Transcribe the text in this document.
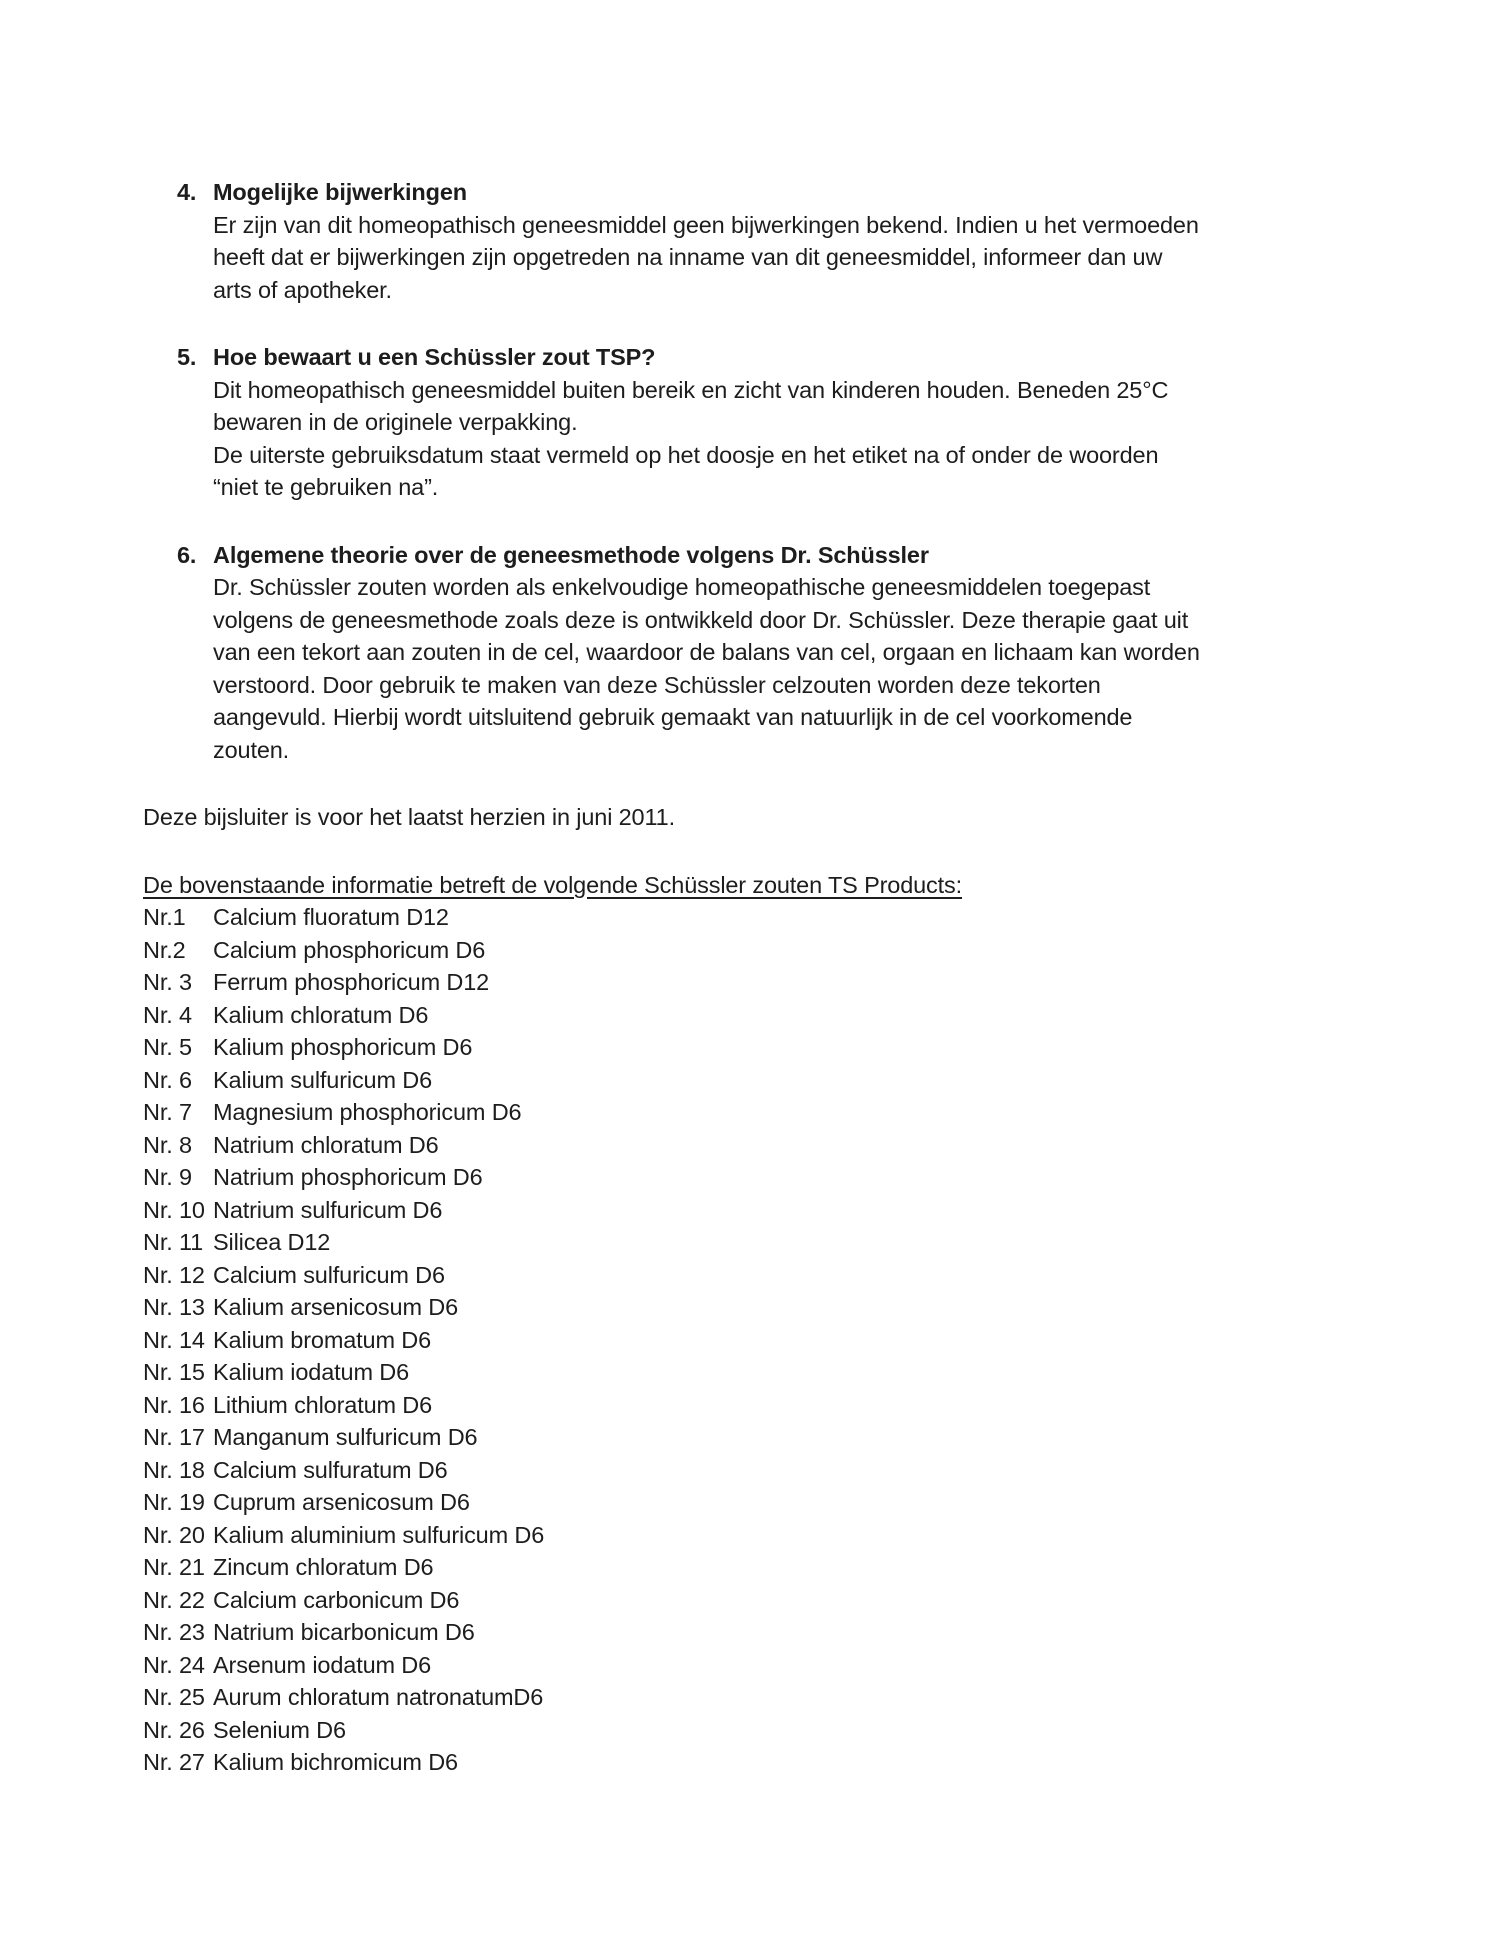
4. Mogelijke bijwerkingen
Er zijn van dit homeopathisch geneesmiddel geen bijwerkingen bekend. Indien u het vermoeden
heeft dat er bijwerkingen zijn opgetreden na inname van dit geneesmiddel, informeer dan uw
arts of apotheker.
5. Hoe bewaart u een Schüssler zout TSP?
Dit homeopathisch geneesmiddel buiten bereik en zicht van kinderen houden. Beneden 25°C
bewaren in de originele verpakking.
De uiterste gebruiksdatum staat vermeld op het doosje en het etiket na of onder de woorden
“niet te gebruiken na”.
6. Algemene theorie over de geneesmethode volgens Dr. Schüssler
Dr. Schüssler zouten worden als enkelvoudige homeopathische geneesmiddelen toegepast
volgens de geneesmethode zoals deze is ontwikkeld door Dr. Schüssler. Deze therapie gaat uit
van een tekort aan zouten in de cel, waardoor de balans van cel, orgaan en lichaam kan worden
verstoord. Door gebruik te maken van deze Schüssler celzouten worden deze tekorten
aangevuld. Hierbij wordt uitsluitend gebruik gemaakt van natuurlijk in de cel voorkomende
zouten.
Deze bijsluiter is voor het laatst herzien in juni 2011.
De bovenstaande informatie betreft de volgende Schüssler zouten TS Products:
Nr.1	Calcium fluoratum D12
Nr.2	Calcium phosphoricum D6
Nr. 3 Ferrum phosphoricum D12
Nr. 4 Kalium chloratum D6
Nr. 5 Kalium phosphoricum D6
Nr. 6 Kalium sulfuricum D6
Nr. 7 Magnesium phosphoricum D6
Nr. 8 Natrium chloratum D6
Nr. 9 Natrium phosphoricum D6
Nr. 10 Natrium sulfuricum D6
Nr. 11 Silicea D12
Nr. 12 Calcium sulfuricum D6
Nr. 13 Kalium arsenicosum D6
Nr. 14 Kalium bromatum D6
Nr. 15 Kalium iodatum D6
Nr. 16 Lithium chloratum D6
Nr. 17 Manganum sulfuricum D6
Nr. 18 Calcium sulfuratum D6
Nr. 19 Cuprum arsenicosum D6
Nr. 20 Kalium aluminium sulfuricum D6
Nr. 21 Zincum chloratum D6
Nr. 22 Calcium carbonicum D6
Nr. 23 Natrium bicarbonicum D6
Nr. 24 Arsenum iodatum D6
Nr. 25 Aurum chloratum natronatumD6
Nr. 26 Selenium D6
Nr. 27 Kalium bichromicum D6
